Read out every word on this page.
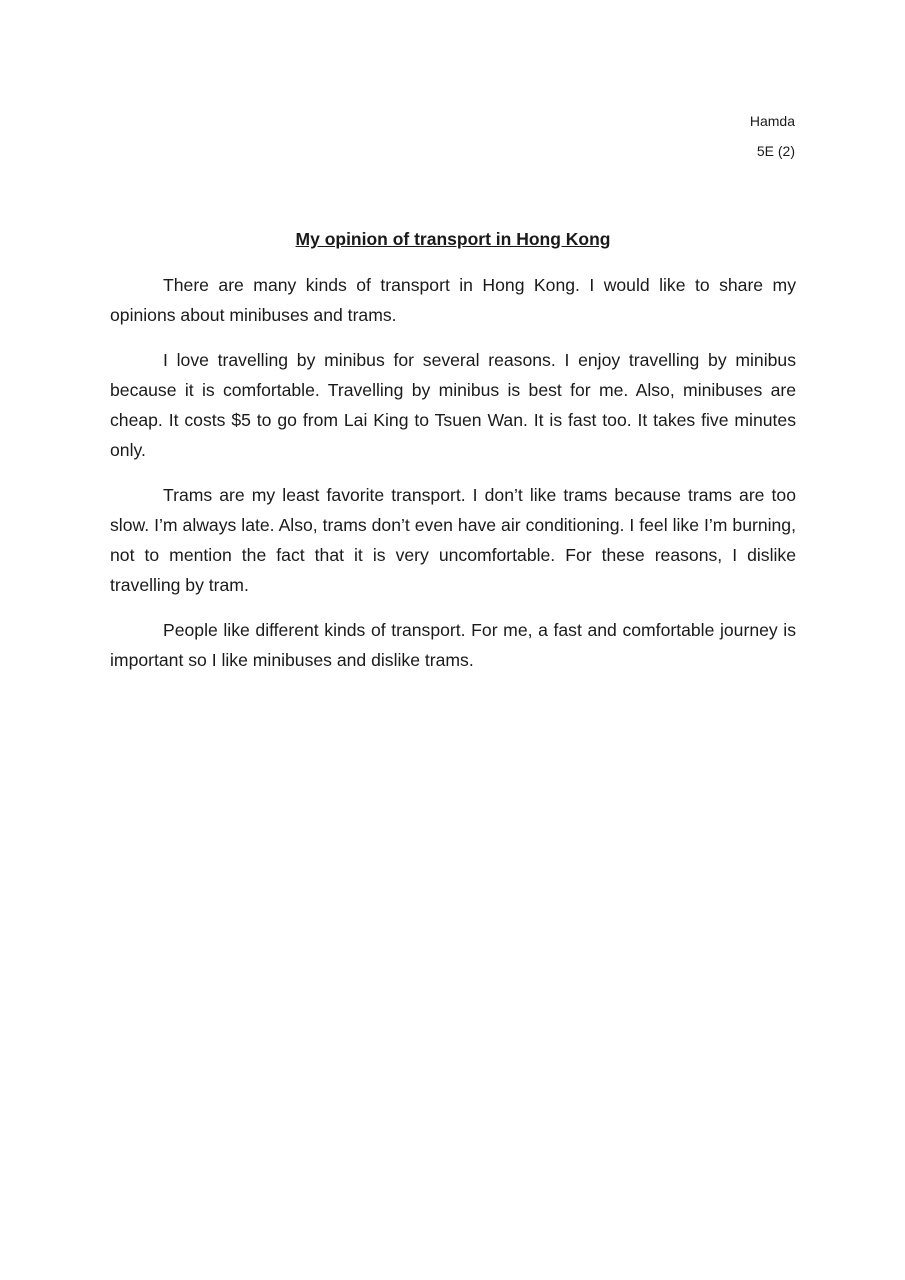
Hamda
5E (2)
My opinion of transport in Hong Kong

There are many kinds of transport in Hong Kong. I would like to share my opinions about minibuses and trams.

I love travelling by minibus for several reasons. I enjoy travelling by minibus because it is comfortable. Travelling by minibus is best for me. Also, minibuses are cheap. It costs $5 to go from Lai King to Tsuen Wan. It is fast too. It takes five minutes only.

Trams are my least favorite transport. I don’t like trams because trams are too slow. I’m always late. Also, trams don’t even have air conditioning. I feel like I’m burning, not to mention the fact that it is very uncomfortable. For these reasons, I dislike travelling by tram.

People like different kinds of transport. For me, a fast and comfortable journey is important so I like minibuses and dislike trams.
